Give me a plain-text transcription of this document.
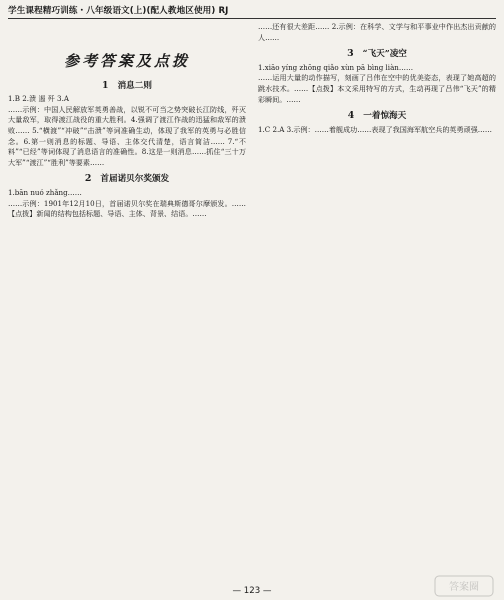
学生课程精巧训练・八年级语文(上)(配人教地区使用) RJ
参考答案及点拨
1 消息二则

1.B 2.溃 遏 歼 3.A

……示例：中国人民解放军英勇善战，以锐不可当之势突破长江防线，歼灭大量敌军，取得渡江战役的重大胜利。4.强调了渡江作战的迅猛和敌军的溃败…… 5.“横渡”“冲破”“击溃”等词准确生动，体现了我军的英勇与必胜信念。6.第一则消息的标题、导语、主体交代清楚，语言简洁…… 7.“不料”“已经”等词体现了消息语言的准确性。8.这是一则消息……抓住“三十万大军”“渡江”“胜利”等要素……

2 首届诺贝尔奖颁发

1.bān nuó zhǎng……

……示例：1901年12月10日，首届诺贝尔奖在瑞典斯德哥尔摩颁发。……【点拨】新闻的结构包括标题、导语、主体、背景、结语。……

……还有很大差距…… 2.示例：在科学、文学与和平事业中作出杰出贡献的人……

3 “飞天”凌空

1.xiāo yíng zhōng qiǎo xùn pā bìng liàn……

……运用大量的动作描写，刻画了吕伟在空中的优美姿态，表现了她高超的跳水技术。……【点拨】本文采用特写的方式，生动再现了吕伟“飞天”的精彩瞬间。……

4 一着惊海天

1.C 2.A 3.示例：……着舰成功……表现了我国海军航空兵的英勇顽强……

— 123 —	答案圈
